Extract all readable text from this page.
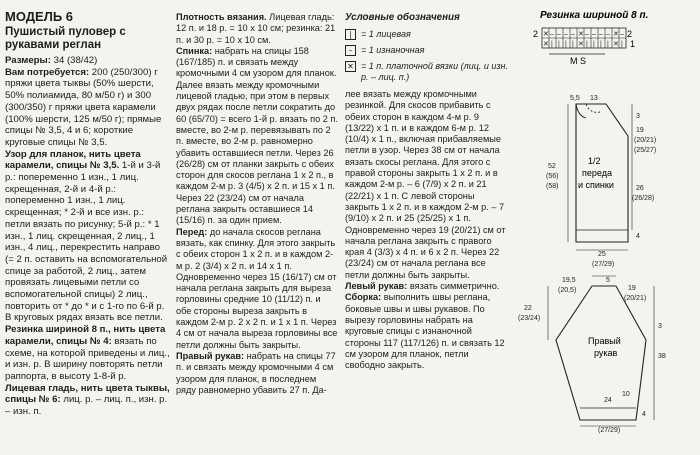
МОДЕЛЬ 6

Пушистый пуловер с рукавами реглан

Размеры: 34 (38/42)

Вам потребуется: 200 (250/300) г пряжи цвета тыквы (50% шерсти, 50% полиамида, 80 м/50 г) и 300 (300/350) г пряжи цвета карамели (100% шерсти, 125 м/50 г); прямые спицы № 3,5, 4 и 6; короткие круговые спицы № 3,5.

Узор для планок, нить цвета карамели, спицы № 3,5. 1-й и 3-й р.: попеременно 1 изн., 1 лиц. скрещенная, 2-й и 4-й р.: попеременно 1 изн., 1 лиц. скрещенная; * 2-й и все изн. р.: петли вязать по рисунку; 5-й р.: * 1 изн., 1 лиц. скрещенная, 2 лиц., 1 изн., 4 лиц., перекрестить направо (= 2 п. оставить на вспомогательной спице за работой, 2 лиц., затем провязать лицевыми петли со вспомогательной спицы) 2 лиц., повторить от * до * и с 1-го по 6-й р. В круговых рядах вязать все петли.

Резинка шириной 8 п., нить цвета карамели, спицы № 4: вязать по схеме, на которой приведены и лиц., и изн. р. В ширину повторять петли раппорта, в высоту 1-8-й р.

Лицевая гладь, нить цвета тыквы, спицы № 6: лиц. р. – лиц. п., изн. р. – изн. п.

Плотность вязания. Лицевая гладь: 12 п. и 18 р. = 10 х 10 см; резинка: 21 п. и 30 р. = 10 х 10 см.

Спинка: набрать на спицы 158 (167/185) п. и связать между кромочными 4 см узором для планок. Далее вязать между кромочными лицевой гладью, при этом в первых двух рядах после петли сократить до 60 (65/70) = всего 1-й р. вязать по 2 п. вместе, во 2-м р. перевязывать по 2 п. вместе, во 2-м р. равномерно убавить оставшиеся петли. Через 26 (26/28) см от планки закрыть с обеих сторон для скосов реглана 1 х 2 п., в каждом 2-м р. 3 (4/5) х 2 п. и 15 х 1 п. Через 22 (23/24) см от начала реглана закрыть оставшиеся 14 (15/16) п. за один прием.

Перед: до начала скосов реглана вязать, как спинку. Для этого закрыть с обеих сторон 1 х 2 п. и в каждом 2-м р. 2 (3/4) х 2 п. и 14 х 1 п. Одновременно через 15 (16/17) см от начала реглана закрыть для выреза горловины средние 10 (11/12) п. и обе стороны выреза закрыть в каждом 2-м р. 2 х 2 п. и 1 х 1 п. Через 4 см от начала выреза горловины все петли должны быть закрыты.

Правый рукав: набрать на спицы 77 п. и связать между кромочными 4 см узором для планок, в последнем ряду равномерно убавить 27 п. Да-

Условные обозначения

|	= 1 лицевая
– = 1 изнаночная
✕ = 1 п. платочной вязки (лиц. и изн. р. – лиц. п.)

лее вязать между кромочными резинкой. Для скосов прибавить с обеих сторон в каждом 4-м р. 9 (13/22) х 1 п. и в каждом 6-м р. 12 (10/4) х 1 п., включая прибавляемые петли в узор. Через 38 см от начала вязать скосы реглана. Для этого с правой стороны закрыть 1 х 2 п. и в каждом 2-м р. – 6 (7/9) х 2 п. и 21 (22/21) х 1 п. С левой стороны закрыть 1 х 2 п. и в каждом 2-м р. – 7 (9/10) х 2 п. и 25 (25/25) х 1 п. Одновременно через 19 (20/21) см от начала реглана закрыть с правого края 4 (3/3) х 4 п. и 6 х 2 п. Через 22 (23/24) см от начала реглана все петли должны быть закрыты.

Левый рукав: вязать симметрично.

Сборка: выполнить швы реглана, боковые швы и швы рукавов. По вырезу горловины набрать на круговые спицы с изнаночной стороны 117 (117/126) п. и связать 12 см узором для планок, петли свободно закрыть.

Резинка шириной 8 п.
2	2
1
✕ – – – – ✕ – – – – ✕ –
✕ | | | | ✕ | | | | ✕ |
M S
1/2
переда
и спинки
5,5 13
19
(20/21)
3
(25/27)
52
(56)
(58)	26
(26/28)
25
(27/29)
4
Правый
рукав
19,5	5
(20,5)	19
22
(23/24)
(20/21)
3
38
24
(27/29)
10
4
